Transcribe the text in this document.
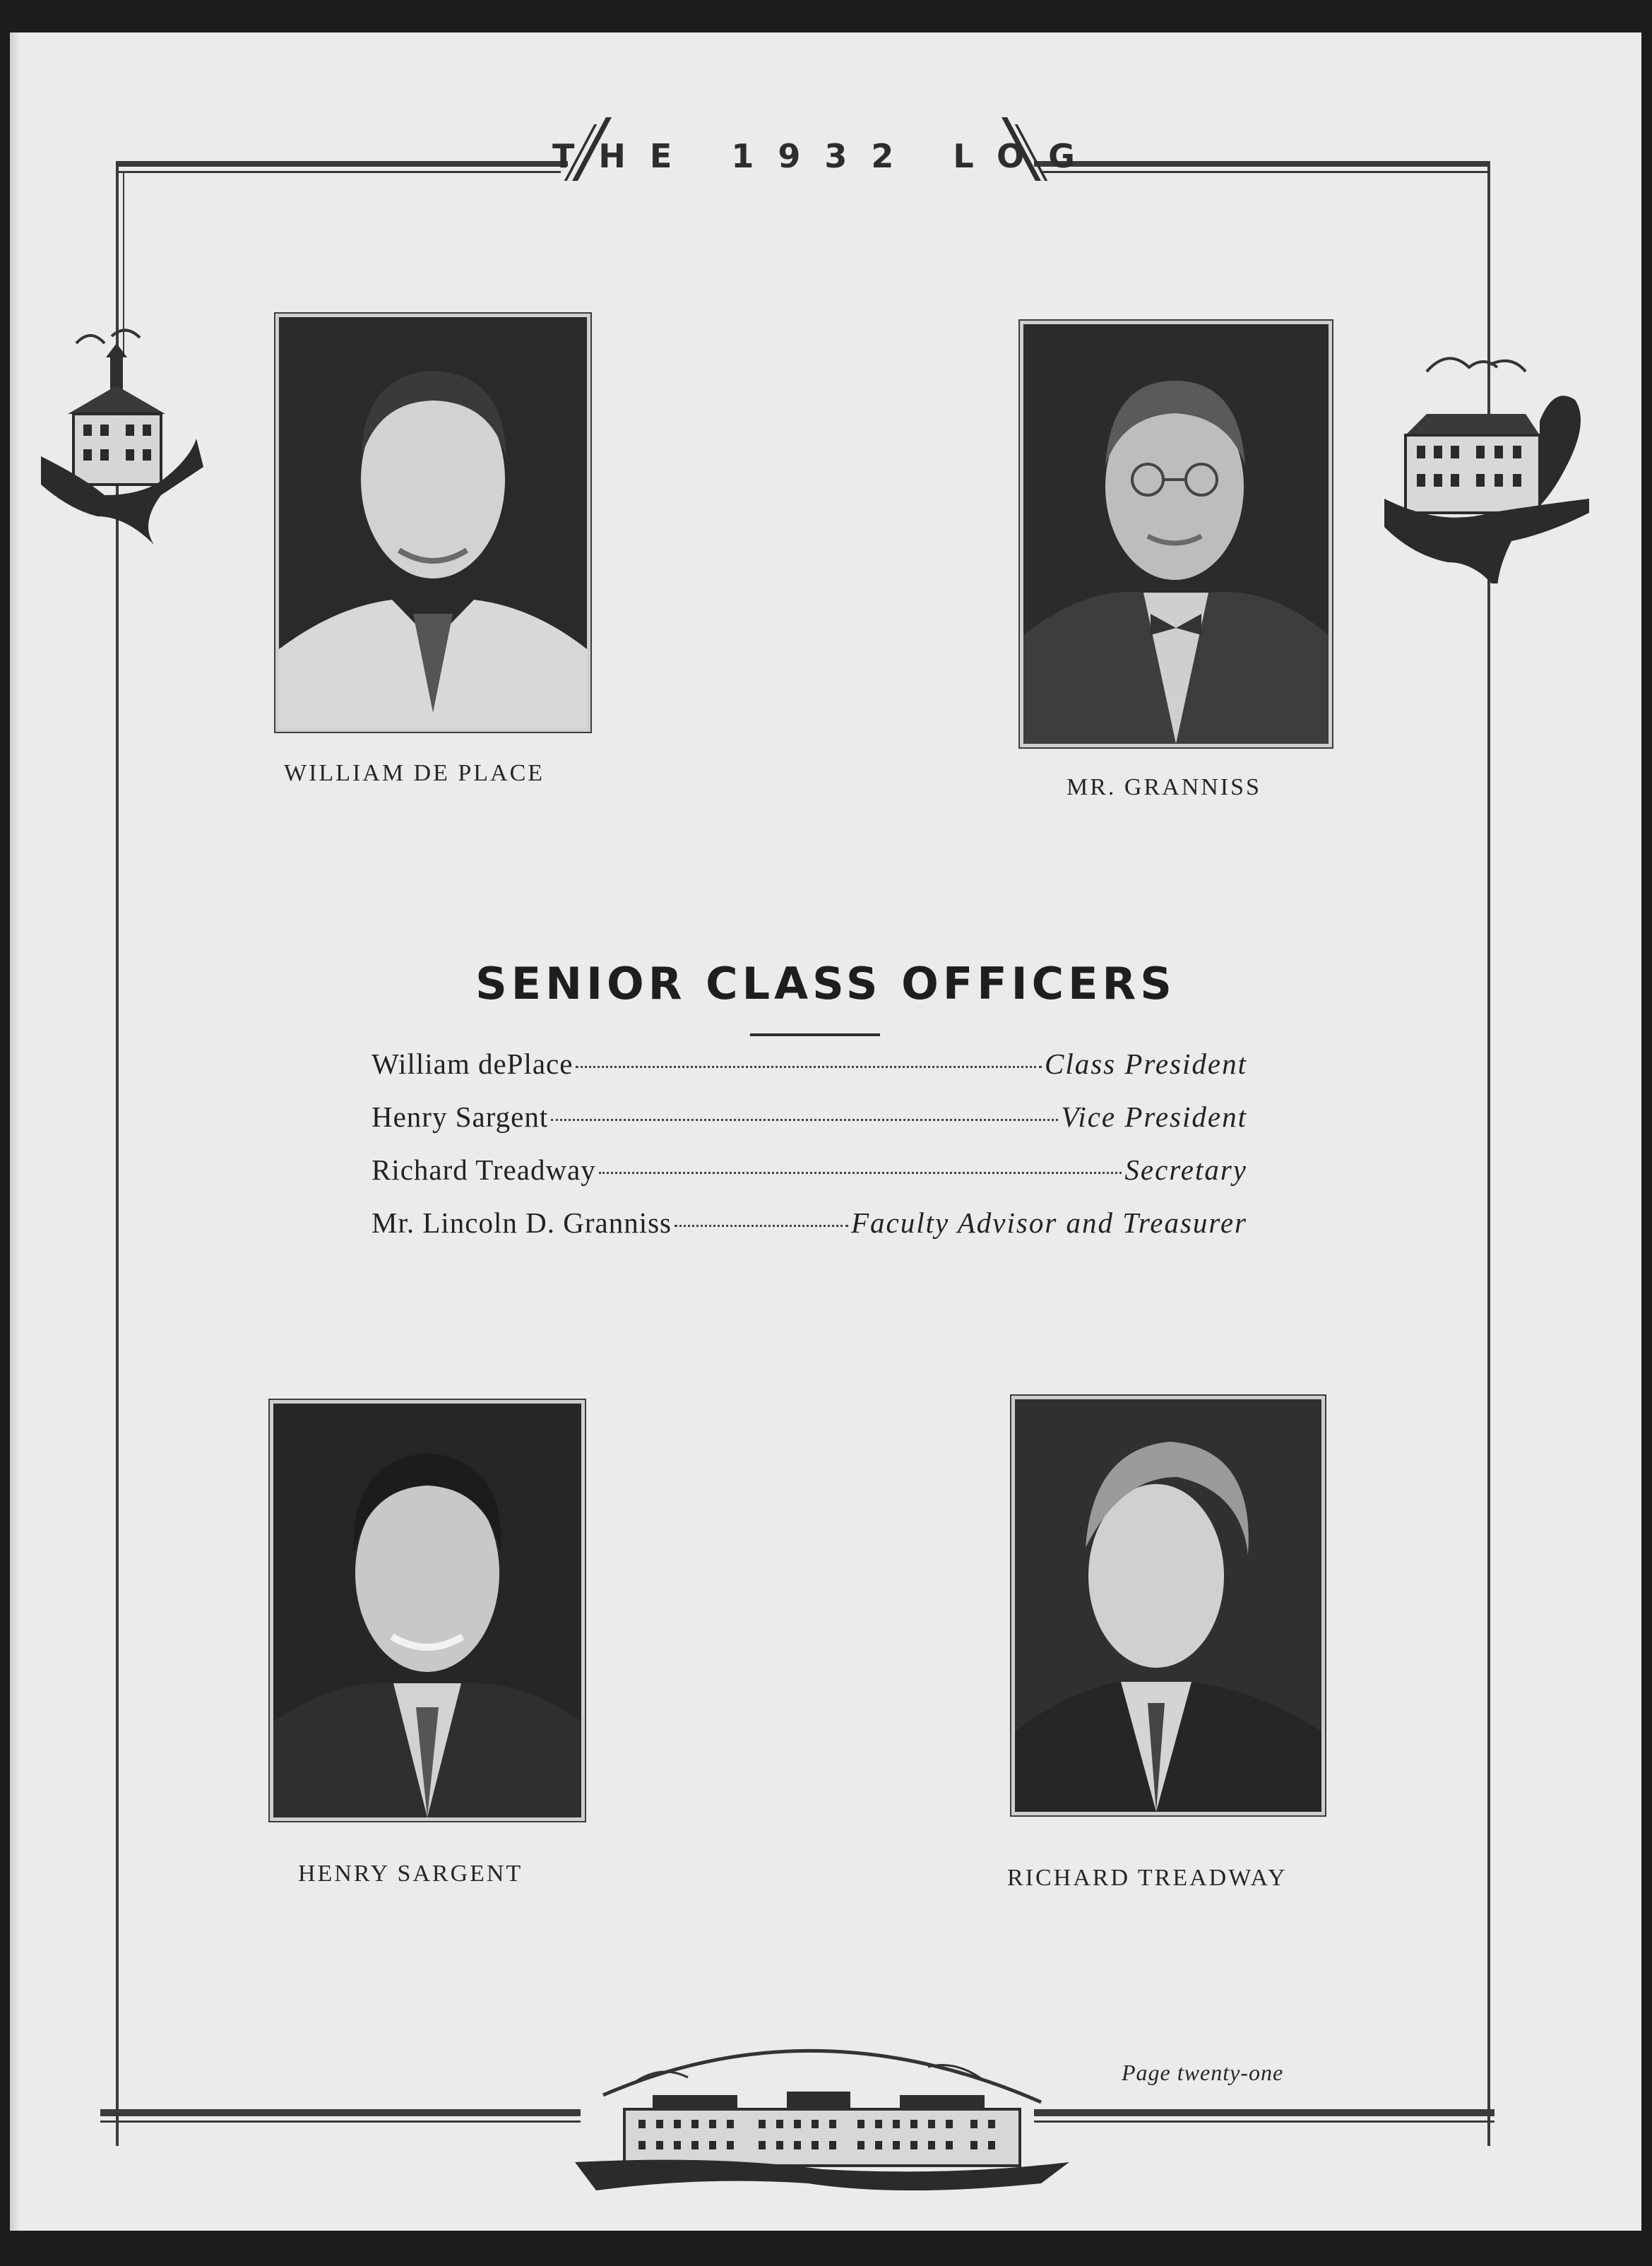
THE 1932 LOG
WILLIAM DE PLACE
MR. GRANNISS
SENIOR CLASS OFFICERS
William dePlace	Class President
Henry Sargent	Vice President
Richard Treadway	Secretary
Mr. Lincoln D. Granniss	Faculty Advisor and Treasurer
HENRY SARGENT	RICHARD TREADWAY
Page twenty-one
